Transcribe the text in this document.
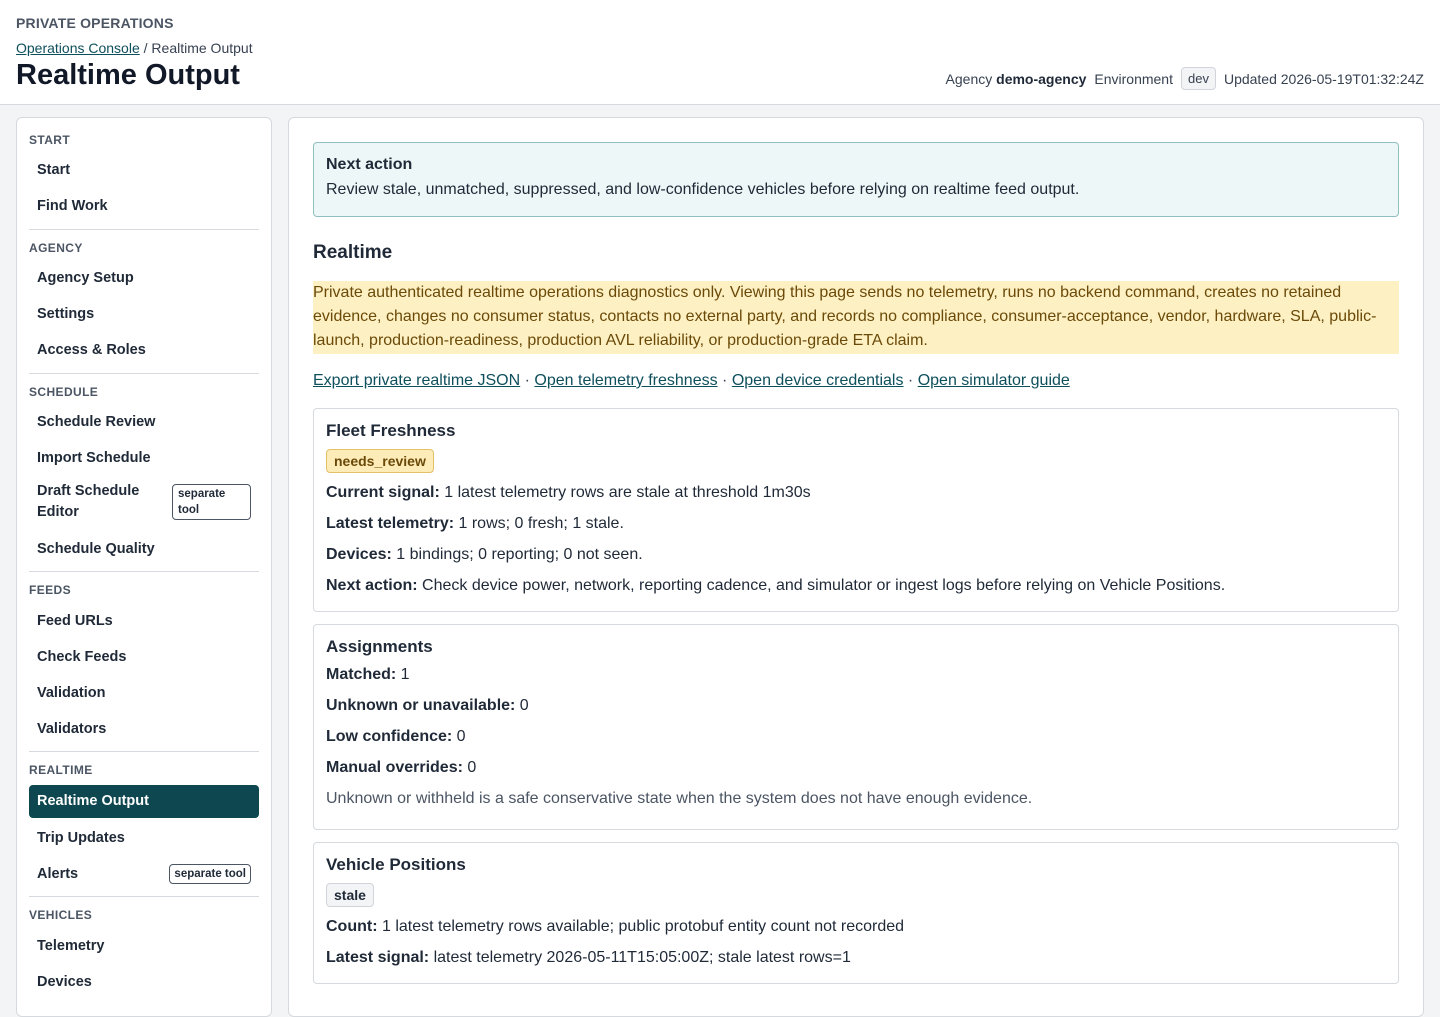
PRIVATE OPERATIONS
Operations Console / Realtime Output
Realtime Output	Agency demo-agency Environment	dev	Updated 2026-05-19T01:32:24Z
START
Start
Find Work
AGENCY
Agency Setup
Settings
Access & Roles
SCHEDULE
Schedule Review
Import Schedule
Draft Schedule Editor
separate tool
Schedule Quality
FEEDS
Feed URLs
Check Feeds
Validation
Validators
REALTIME
Realtime Output
Trip Updates
Alerts	separate tool
VEHICLES
Telemetry
Devices
Next action
Review stale, unmatched, suppressed, and low-confidence vehicles before relying on realtime feed output.
Realtime
Private authenticated realtime operations diagnostics only. Viewing this page sends no telemetry, runs no backend command, creates no retained evidence, changes no consumer status, contacts no external party, and records no compliance, consumer-acceptance, vendor, hardware, SLA, public-launch, production-readiness, production AVL reliability, or production-grade ETA claim.
Export private realtime JSON · Open telemetry freshness · Open device credentials · Open simulator guide
Fleet Freshness
needs_review
Current signal: 1 latest telemetry rows are stale at threshold 1m30s
Latest telemetry: 1 rows; 0 fresh; 1 stale.
Devices: 1 bindings; 0 reporting; 0 not seen.
Next action: Check device power, network, reporting cadence, and simulator or ingest logs before relying on Vehicle Positions.
Assignments
Matched: 1
Unknown or unavailable: 0
Low confidence: 0
Manual overrides: 0
Unknown or withheld is a safe conservative state when the system does not have enough evidence.
Vehicle Positions
stale
Count: 1 latest telemetry rows available; public protobuf entity count not recorded
Latest signal: latest telemetry 2026-05-11T15:05:00Z; stale latest rows=1
